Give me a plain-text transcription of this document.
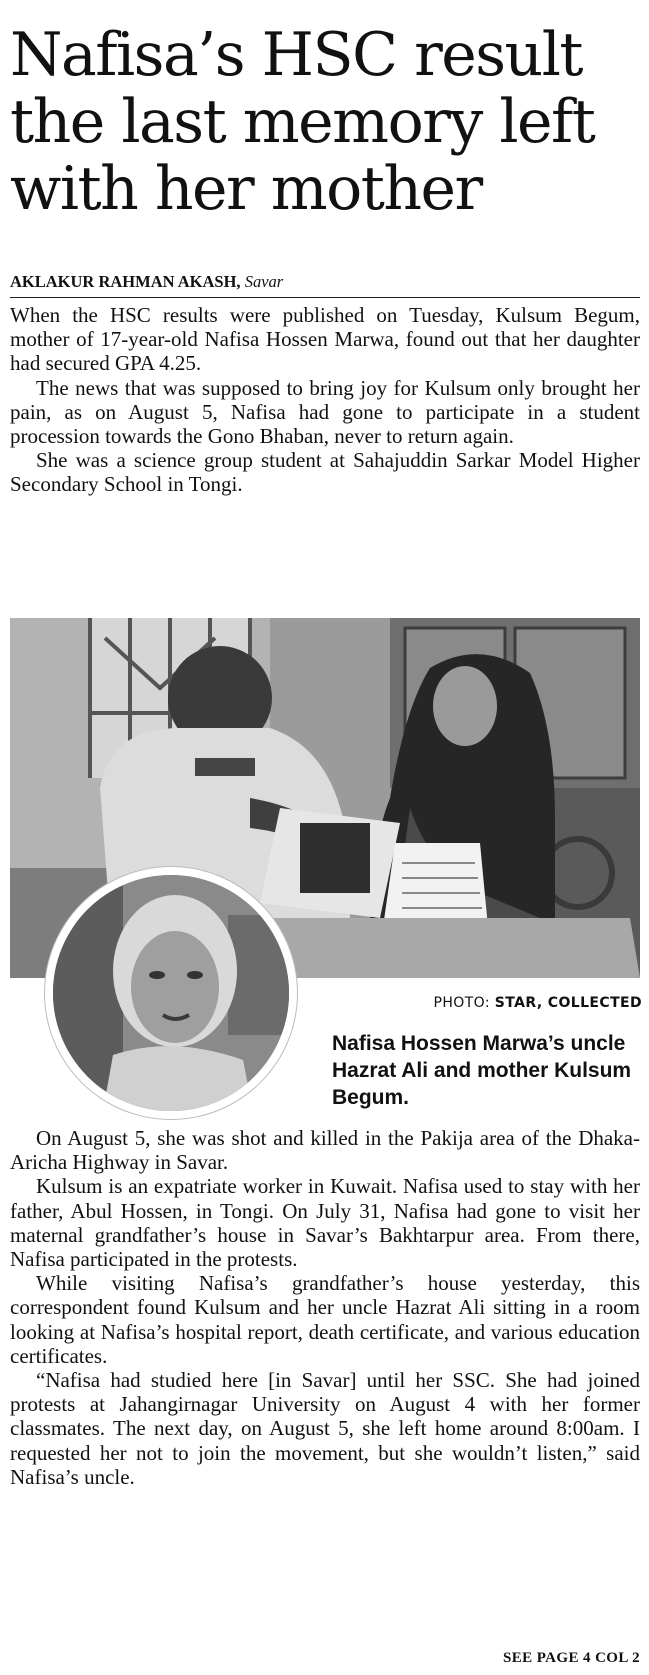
Nafisa’s HSC result
the last memory left
with her mother
AKLAKUR RAHMAN AKASH, Savar

When the HSC results were published on Tuesday, Kulsum Begum, mother of 17-year-old Nafisa Hossen Marwa, found out that her daughter had secured GPA 4.25.

The news that was supposed to bring joy for Kulsum only brought her pain, as on August 5, Nafisa had gone to participate in a student procession towards the Gono Bhaban, never to return again.

She was a science group student at Sahajuddin Sarkar Model Higher Secondary School in Tongi.

PHOTO: STAR, COLLECTED
Nafisa Hossen Marwa’s uncle Hazrat Ali and mother Kulsum Begum.

On August 5, she was shot and killed in the Pakija area of the Dhaka-Aricha Highway in Savar.

Kulsum is an expatriate worker in Kuwait. Nafisa used to stay with her father, Abul Hossen, in Tongi. On July 31, Nafisa had gone to visit her maternal grandfather’s house in Savar’s Bakhtarpur area. From there, Nafisa participated in the protests.

While visiting Nafisa’s grandfather’s house yesterday, this correspondent found Kulsum and her uncle Hazrat Ali sitting in a room looking at Nafisa’s hospital report, death certificate, and various education certificates.

“Nafisa had studied here [in Savar] until her SSC. She had joined protests at Jahangirnagar University on August 4 with her former classmates. The next day, on August 5, she left home around 8:00am. I requested her not to join the movement, but she wouldn’t listen,” said Nafisa’s uncle.

SEE PAGE 4 COL 2
